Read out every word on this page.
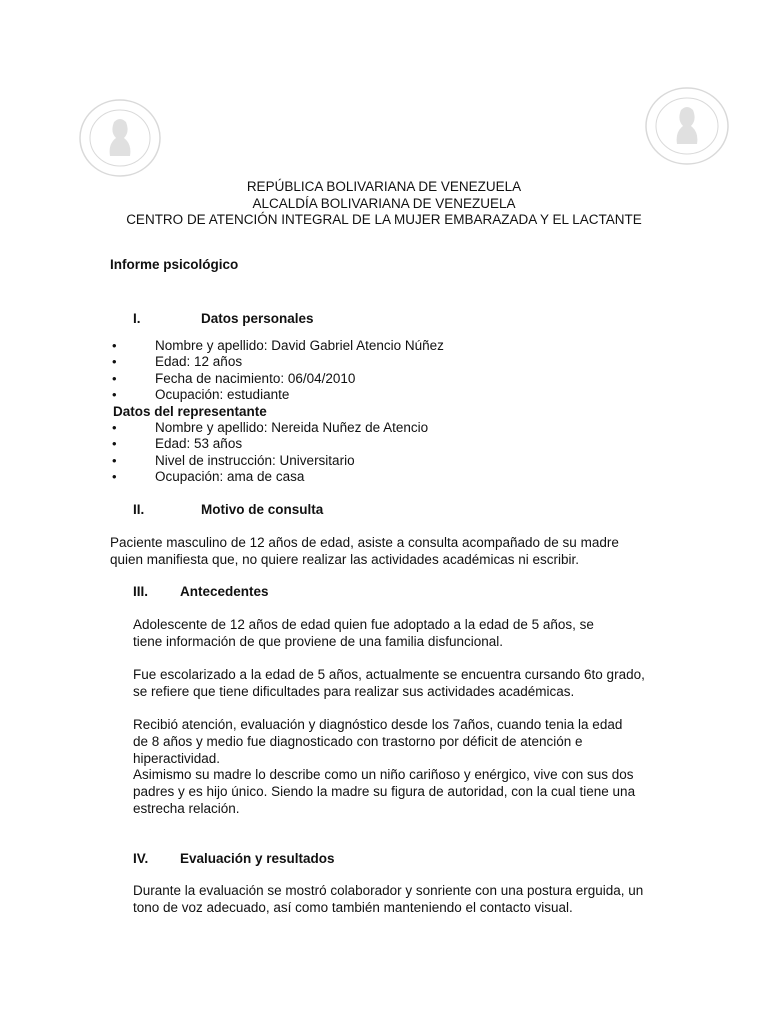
REPÚBLICA BOLIVARIANA DE VENEZUELA
ALCALDÍA BOLIVARIANA DE VENEZUELA
CENTRO DE ATENCIÓN INTEGRAL DE LA MUJER EMBARAZADA Y EL LACTANTE
Informe psicológico
I.	Datos personales
•	Nombre y apellido: David Gabriel Atencio Núñez
•	Edad: 12 años
•	Fecha de nacimiento: 06/04/2010
•	Ocupación: estudiante
Datos del representante
•	Nombre y apellido: Nereida Nuñez de Atencio
•	Edad: 53 años
•	Nivel de instrucción: Universitario
•	Ocupación: ama de casa
II.	Motivo de consulta
Paciente masculino de 12 años de edad, asiste a consulta acompañado de su madre quien manifiesta que, no quiere realizar las actividades académicas ni escribir.
III. Antecedentes
Adolescente de 12 años de edad quien fue adoptado a la edad de 5 años, se tiene información de que proviene de una familia disfuncional.
Fue escolarizado a la edad de 5 años, actualmente se encuentra cursando 6to grado, se refiere que tiene dificultades para realizar sus actividades académicas.
Recibió atención, evaluación y diagnóstico desde los 7años, cuando tenia la edad de 8 años y medio fue diagnosticado con trastorno por déficit de atención e hiperactividad.
Asimismo su madre lo describe como un niño cariñoso y enérgico, vive con sus dos padres y es hijo único. Siendo la madre su figura de autoridad, con la cual tiene una estrecha relación.
IV. Evaluación y resultados
Durante la evaluación se mostró colaborador y sonriente con una postura erguida, un tono de voz adecuado, así como también manteniendo el contacto visual.
